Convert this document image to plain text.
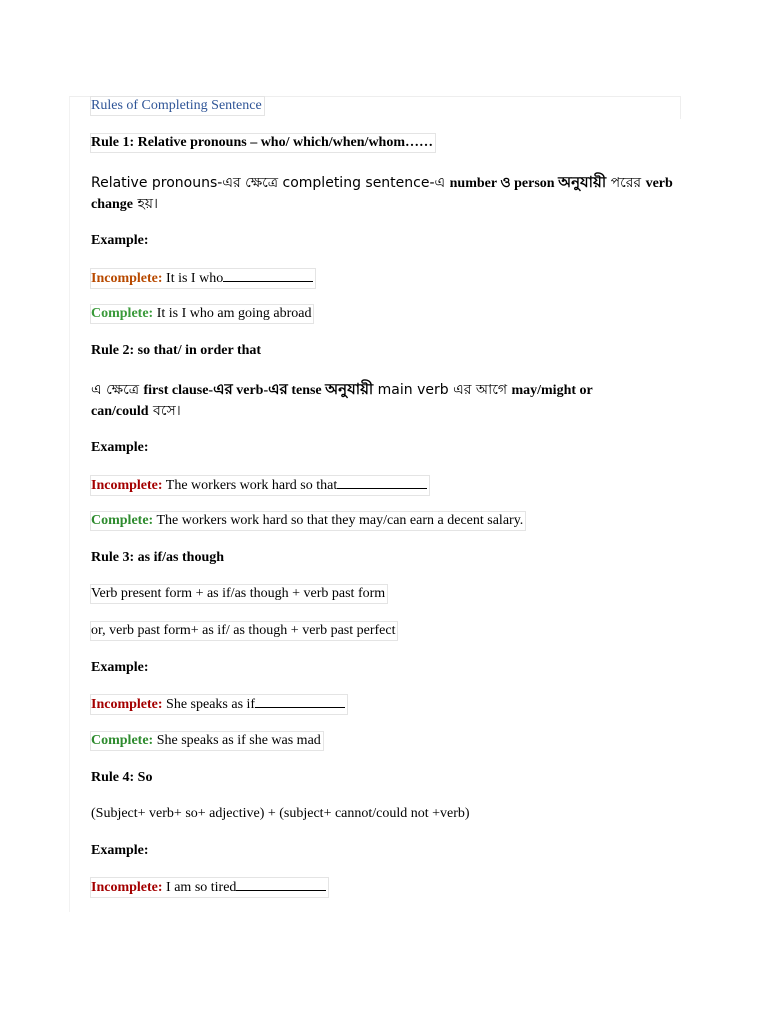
Rules of Completing Sentence
Rule 1: Relative pronouns – who/ which/when/whom……
Relative pronouns-এর ক্ষেত্রে completing sentence-এ number ও person অনুযায়ী পরের verb
change হয়।
Example:
Incomplete: It is I who
Complete: It is I who am going abroad
Rule 2: so that/ in order that
এ ক্ষেত্রে first clause-এর verb-এর tense অনুযায়ী main verb এর আগে may/might or
can/could বসে।
Example:
Incomplete: The workers work hard so that
Complete: The workers work hard so that they may/can earn a decent salary.
Rule 3: as if/as though
Verb present form + as if/as though + verb past form
or, verb past form+ as if/ as though + verb past perfect
Example:
Incomplete: She speaks as if
Complete: She speaks as if she was mad
Rule 4: So
(Subject+ verb+ so+ adjective) + (subject+ cannot/could not +verb)
Example:
Incomplete: I am so tired
